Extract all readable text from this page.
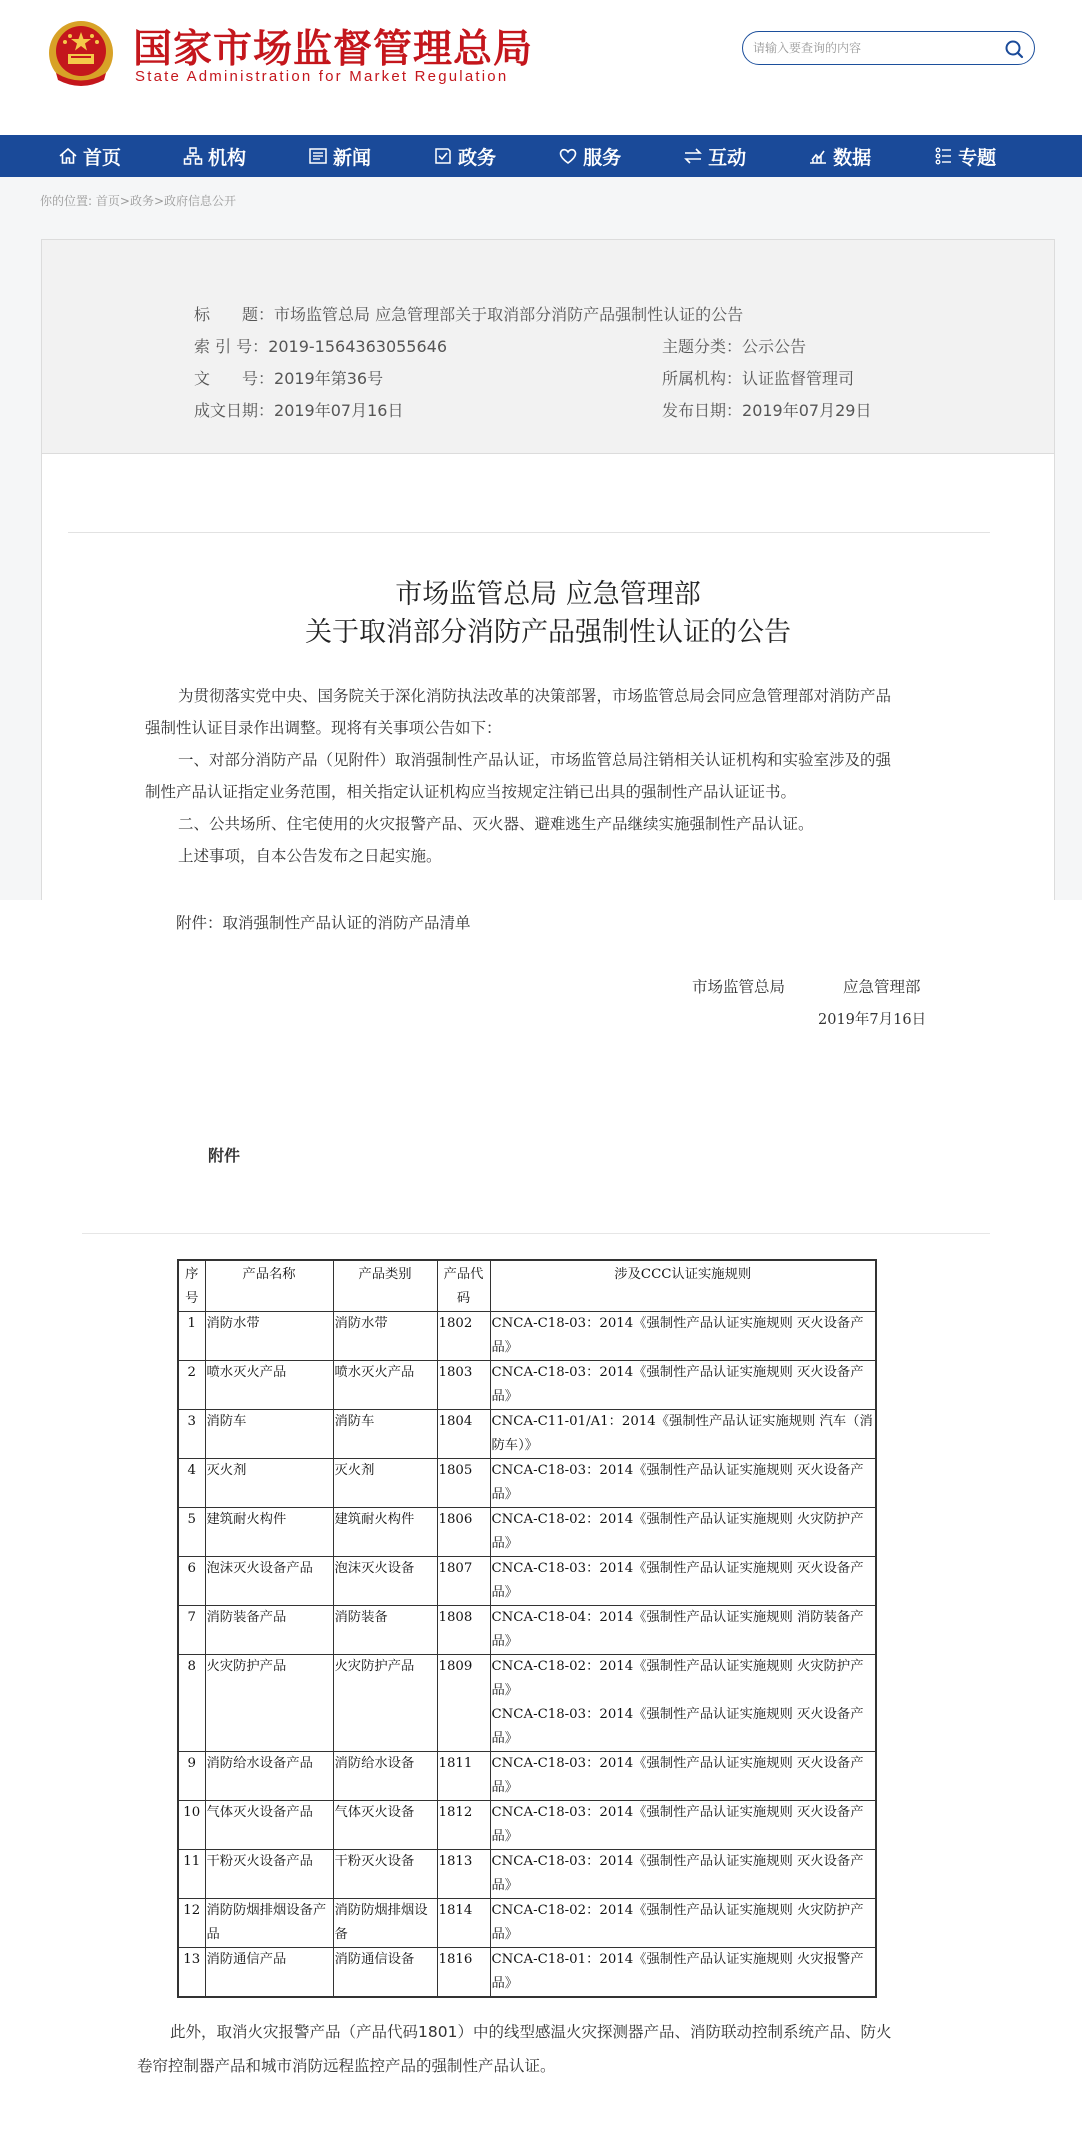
国家市场监督管理总局
State Administration for Market Regulation
请输入要查询的内容
首页	机构	新闻	政务	服务	互动	数据	专题
你的位置: 首页>政务>政府信息公开
标　　题：市场监管总局 应急管理部关于取消部分消防产品强制性认证的公告
索 引 号：2019-1564363055646	主题分类：公示公告
文　　号：2019年第36号	所属机构：认证监督管理司
成文日期：2019年07月16日	发布日期：2019年07月29日
市场监管总局 应急管理部
关于取消部分消防产品强制性认证的公告
为贯彻落实党中央、国务院关于深化消防执法改革的决策部署，市场监管总局会同应急管理部对消防产品
强制性认证目录作出调整。现将有关事项公告如下：
一、对部分消防产品（见附件）取消强制性产品认证，市场监管总局注销相关认证机构和实验室涉及的强
制性产品认证指定业务范围，相关指定认证机构应当按规定注销已出具的强制性产品认证证书。
二、公共场所、住宅使用的火灾报警产品、灭火器、避难逃生产品继续实施强制性产品认证。
上述事项，自本公告发布之日起实施。
附件：取消强制性产品认证的消防产品清单
市场监管总局	应急管理部
2019年7月16日
附件
序号	产品名称	产品类别	产品代码	涉及CCC认证实施规则
1	消防水带	消防水带	1802	CNCA-C18-03：2014《强制性产品认证实施规则 灭火设备产品》

2	喷水灭火产品	喷水灭火产品	1803	CNCA-C18-03：2014《强制性产品认证实施规则 灭火设备产品》

3	消防车	消防车	1804	CNCA-C11-01/A1：2014《强制性产品认证实施规则 汽车（消防车）》

4	灭火剂	灭火剂	1805	CNCA-C18-03：2014《强制性产品认证实施规则 灭火设备产品》

5	建筑耐火构件	建筑耐火构件	1806	CNCA-C18-02：2014《强制性产品认证实施规则 火灾防护产品》

6	泡沫灭火设备产品	泡沫灭火设备	1807	CNCA-C18-03：2014《强制性产品认证实施规则 灭火设备产品》

7	消防装备产品	消防装备	1808	CNCA-C18-04：2014《强制性产品认证实施规则 消防装备产品》

8	火灾防护产品	火灾防护产品	1809	CNCA-C18-02：2014《强制性产品认证实施规则 火灾防护产品》
CNCA-C18-03：2014《强制性产品认证实施规则 灭火设备产品》

9	消防给水设备产品	消防给水设备	1811	CNCA-C18-03：2014《强制性产品认证实施规则 灭火设备产品》

10	气体灭火设备产品	气体灭火设备	1812	CNCA-C18-03：2014《强制性产品认证实施规则 灭火设备产品》

11	干粉灭火设备产品	干粉灭火设备	1813	CNCA-C18-03：2014《强制性产品认证实施规则 灭火设备产品》

12	消防防烟排烟设备产品	消防防烟排烟设备	1814	CNCA-C18-02：2014《强制性产品认证实施规则 火灾防护产品》

13	消防通信产品	消防通信设备	1816	CNCA-C18-01：2014《强制性产品认证实施规则 火灾报警产品》
此外，取消火灾报警产品（产品代码1801）中的线型感温火灾探测器产品、消防联动控制系统产品、防火
卷帘控制器产品和城市消防远程监控产品的强制性产品认证。
